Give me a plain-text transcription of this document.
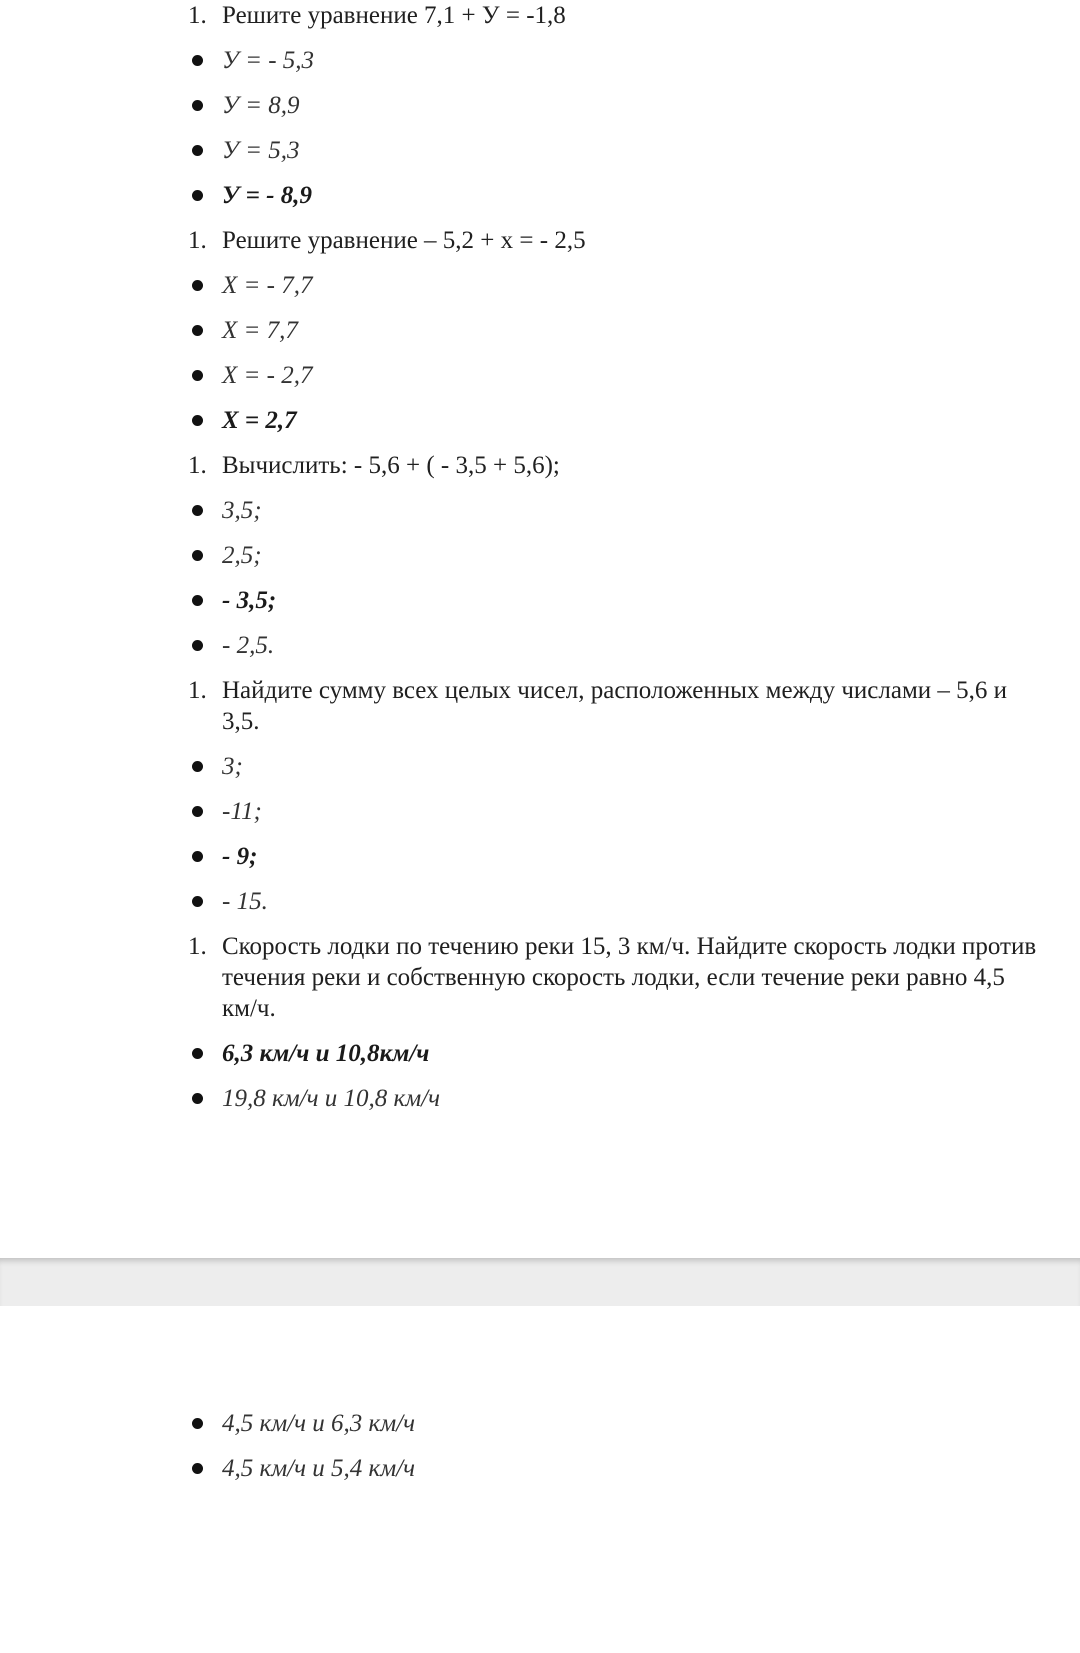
1. Решите уравнение 7,1 + У = -1,8
У = - 5,3
У = 8,9
У = 5,3
У = - 8,9
1. Решите уравнение – 5,2 + х = - 2,5
Х = - 7,7
Х = 7,7
Х = - 2,7
Х = 2,7
1. Вычислить: - 5,6 + ( - 3,5 + 5,6);
3,5;
2,5;
- 3,5;
- 2,5.
1. Найдите сумму всех целых чисел, расположенных между числами – 5,6 и 3,5.
3;
-11;
- 9;
- 15.
1. Скорость лодки по течению реки 15, 3 км/ч. Найдите скорость лодки против течения реки и собственную скорость лодки, если течение реки равно 4,5 км/ч.
6,3 км/ч и 10,8км/ч
19,8 км/ч и 10,8 км/ч
4,5 км/ч и 6,3 км/ч
4,5 км/ч и 5,4 км/ч
